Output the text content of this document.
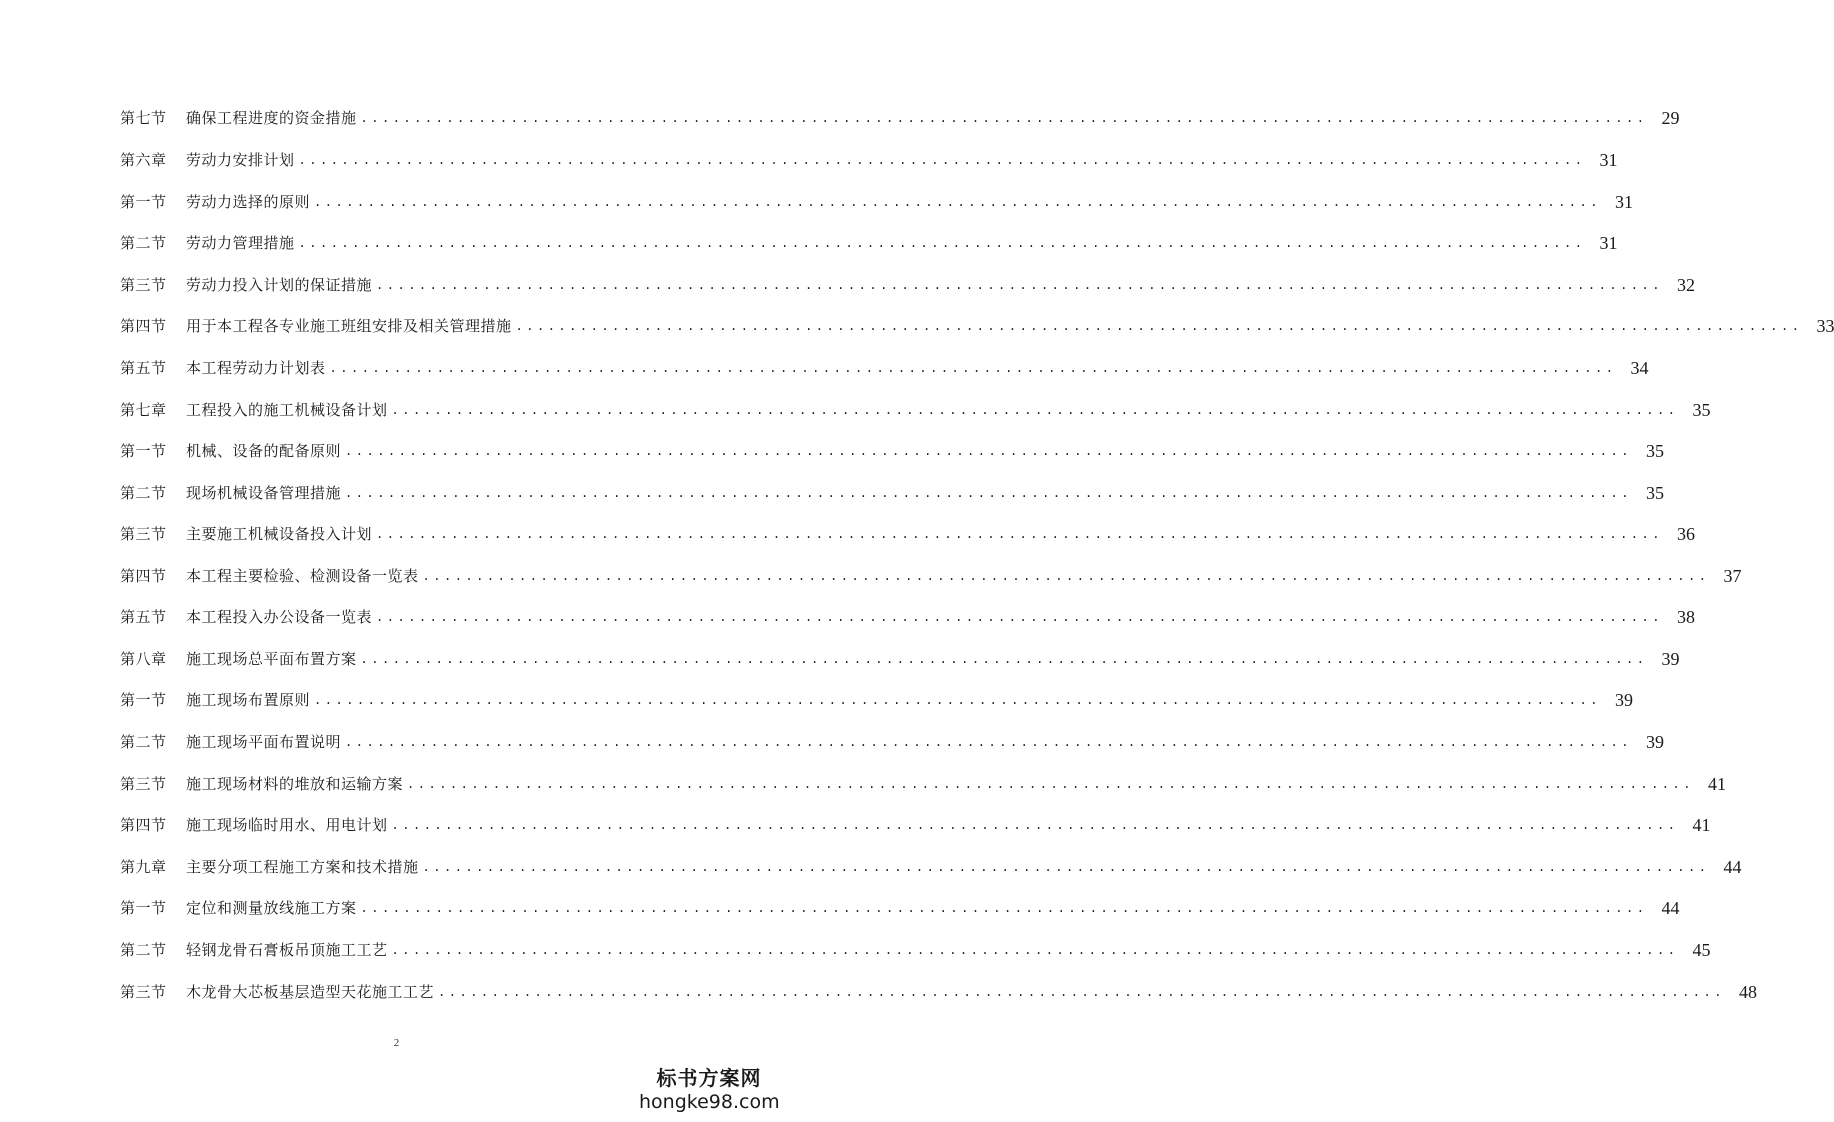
第七节	确保工程进度的资金措施 ........................................................................................................................ 29
第六章	劳动力安排计划 ........................................................................................................................ 31
第一节	劳动力选择的原则 ........................................................................................................................ 31
第二节	劳动力管理措施 ........................................................................................................................ 31
第三节	劳动力投入计划的保证措施 ........................................................................................................................ 32
第四节	用于本工程各专业施工班组安排及相关管理措施 ........................................................................................................................ 33
第五节	本工程劳动力计划表 ........................................................................................................................ 34
第七章	工程投入的施工机械设备计划 ........................................................................................................................ 35
第一节	机械、设备的配备原则 ........................................................................................................................ 35
第二节	现场机械设备管理措施 ........................................................................................................................ 35
第三节	主要施工机械设备投入计划 ........................................................................................................................ 36
第四节	本工程主要检验、检测设备一览表 ........................................................................................................................ 37
第五节	本工程投入办公设备一览表 ........................................................................................................................ 38
第八章	施工现场总平面布置方案 ........................................................................................................................ 39
第一节	施工现场布置原则 ........................................................................................................................ 39
第二节	施工现场平面布置说明 ........................................................................................................................ 39
第三节	施工现场材料的堆放和运输方案 ........................................................................................................................ 41
第四节	施工现场临时用水、用电计划 ........................................................................................................................ 41
第九章	主要分项工程施工方案和技术措施 ........................................................................................................................ 44
第一节	定位和测量放线施工方案 ........................................................................................................................ 44
第二节	轻钢龙骨石膏板吊顶施工工艺 ........................................................................................................................ 45
第三节	木龙骨大芯板基层造型天花施工工艺 ........................................................................................................................ 48
2
标书方案网
hongke98.com
